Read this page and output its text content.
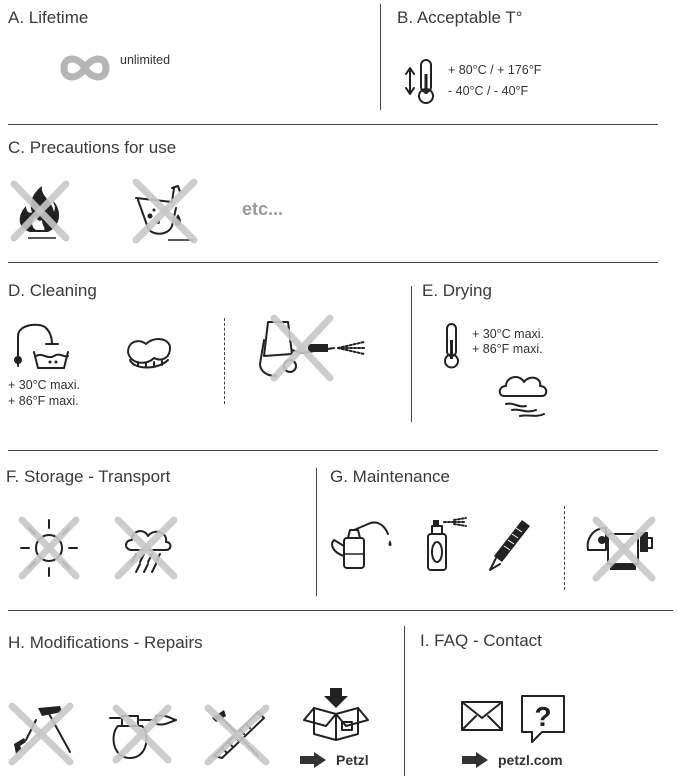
A. Lifetime
unlimited
B. Acceptable T°
+ 80°C / + 176°F
- 40°C / - 40°F
C. Precautions for use
etc...
D. Cleaning
+ 30°C maxi.
+ 86°F maxi.
E. Drying
+ 30°C maxi.
+ 86°F maxi.
F. Storage - Transport	G. Maintenance
H. Modifications - Repairs
Petzl
I. FAQ - Contact
?
petzl.com
